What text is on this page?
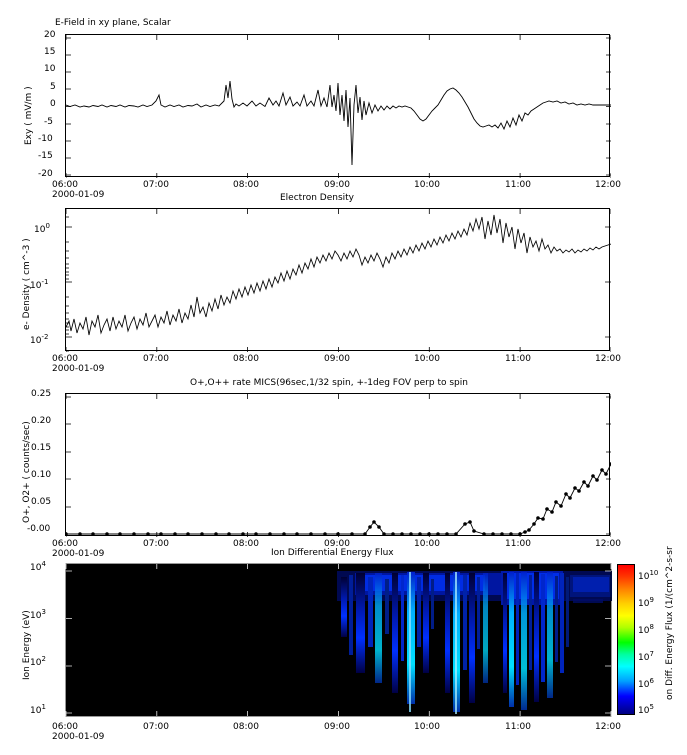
E-Field in xy plane, Scalar
Exy ( mV/m )
20
15
10
5
0
-5
-10
-15
-20
06:00	07:00	08:00	09:00	10:00	11:00	12:00
2000-01-09	Electron Density
e- Density ( cm^-3 )
$10^0$
$10^{-1}$
$10^{-2}$
06:00	07:00	08:00	09:00	10:00	11:00	12:00
2000-01-09
O+,O++ rate MICS(96sec,1/32 spin, +-1deg FOV perp to spin
O+, O2+ ( counts/sec)
0.25
0.20
0.15
0.10
0.05
-0.00
06:00	07:00	08:00	09:00	10:00	11:00	12:00
2000-01-09	Ion Differential Energy Flux
Ion Energy (eV)
$10^4$
$10^3$
$10^2$
$10^1$
06:00	07:00	08:00	09:00	10:00	11:00	12:00
2000-01-09
$10^{10}$
$10^9$
$10^8$
$10^7$
$10^6$
$10^5$
on Diff. Energy Flux (1/(cm^2-s-sr
